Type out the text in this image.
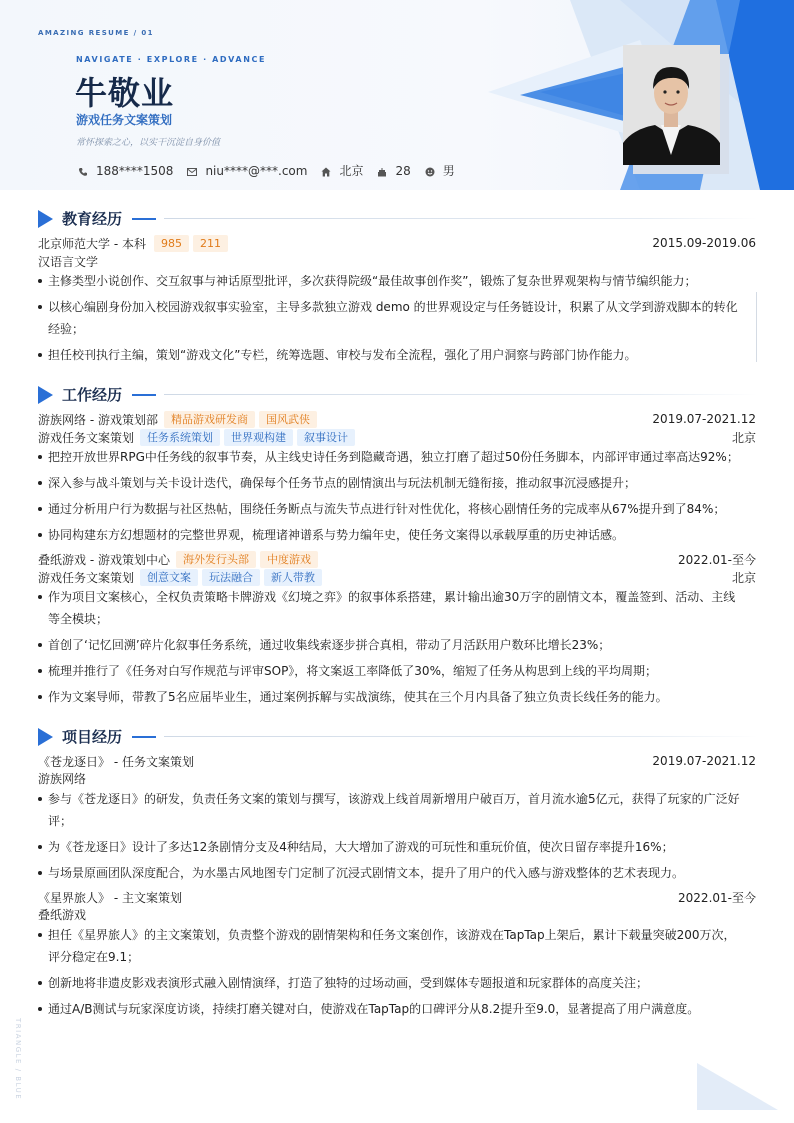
AMAZING RESUME / 01
NAVIGATE · EXPLORE · ADVANCE
牛敬业
游戏任务文案策划
常怀探索之心，以实干沉淀自身价值
188****1508	niu****@***.com	北京	28	男
教育经历
北京师范大学 - 本科	985	211	2015.09-2019.06
汉语言文学
主修类型小说创作、交互叙事与神话原型批评，多次获得院级“最佳故事创作奖”，锻炼了复杂世界观架构与情节编织能力；
以核心编剧身份加入校园游戏叙事实验室，主导多款独立游戏 demo 的世界观设定与任务链设计，积累了从文学到游戏脚本的转化经验；
担任校刊执行主编，策划“游戏文化”专栏，统筹选题、审校与发布全流程，强化了用户洞察与跨部门协作能力。
工作经历
游族网络 - 游戏策划部	精品游戏研发商	国风武侠	2019.07-2021.12
游戏任务文案策划	任务系统策划	世界观构建	叙事设计	北京
把控开放世界RPG中任务线的叙事节奏，从主线史诗任务到隐藏奇遇，独立打磨了超过50份任务脚本，内部评审通过率高达92%；
深入参与战斗策划与关卡设计迭代，确保每个任务节点的剧情演出与玩法机制无缝衔接，推动叙事沉浸感提升；
通过分析用户行为数据与社区热帖，围绕任务断点与流失节点进行针对性优化，将核心剧情任务的完成率从67%提升到了84%；
协同构建东方幻想题材的完整世界观，梳理诸神谱系与势力编年史，使任务文案得以承载厚重的历史神话感。
叠纸游戏 - 游戏策划中心	海外发行头部	中度游戏	2022.01-至今
游戏任务文案策划	创意文案	玩法融合	新人带教	北京
作为项目文案核心，全权负责策略卡牌游戏《幻境之弈》的叙事体系搭建，累计输出逾30万字的剧情文本，覆盖签到、活动、主线等全模块；
首创了‘记忆回溯’碎片化叙事任务系统，通过收集线索逐步拼合真相，带动了月活跃用户数环比增长23%；
梳理并推行了《任务对白写作规范与评审SOP》，将文案返工率降低了30%，缩短了任务从构思到上线的平均周期；
作为文案导师，带教了5名应届毕业生，通过案例拆解与实战演练，使其在三个月内具备了独立负责长线任务的能力。
项目经历
《苍龙逐日》 - 任务文案策划	2019.07-2021.12
游族网络
参与《苍龙逐日》的研发，负责任务文案的策划与撰写，该游戏上线首周新增用户破百万，首月流水逾5亿元，获得了玩家的广泛好评；
为《苍龙逐日》设计了多达12条剧情分支及4种结局，大大增加了游戏的可玩性和重玩价值，使次日留存率提升16%；
与场景原画团队深度配合，为水墨古风地图专门定制了沉浸式剧情文本，提升了用户的代入感与游戏整体的艺术表现力。
《星界旅人》 - 主文案策划	2022.01-至今
叠纸游戏
担任《星界旅人》的主文案策划，负责整个游戏的剧情架构和任务文案创作，该游戏在TapTap上架后，累计下载量突破200万次，评分稳定在9.1；
创新地将非遗皮影戏表演形式融入剧情演绎，打造了独特的过场动画，受到媒体专题报道和玩家群体的高度关注；
通过A/B测试与玩家深度访谈，持续打磨关键对白，使游戏在TapTap的口碑评分从8.2提升至9.0，显著提高了用户满意度。
TRIANGLE / BLUE
